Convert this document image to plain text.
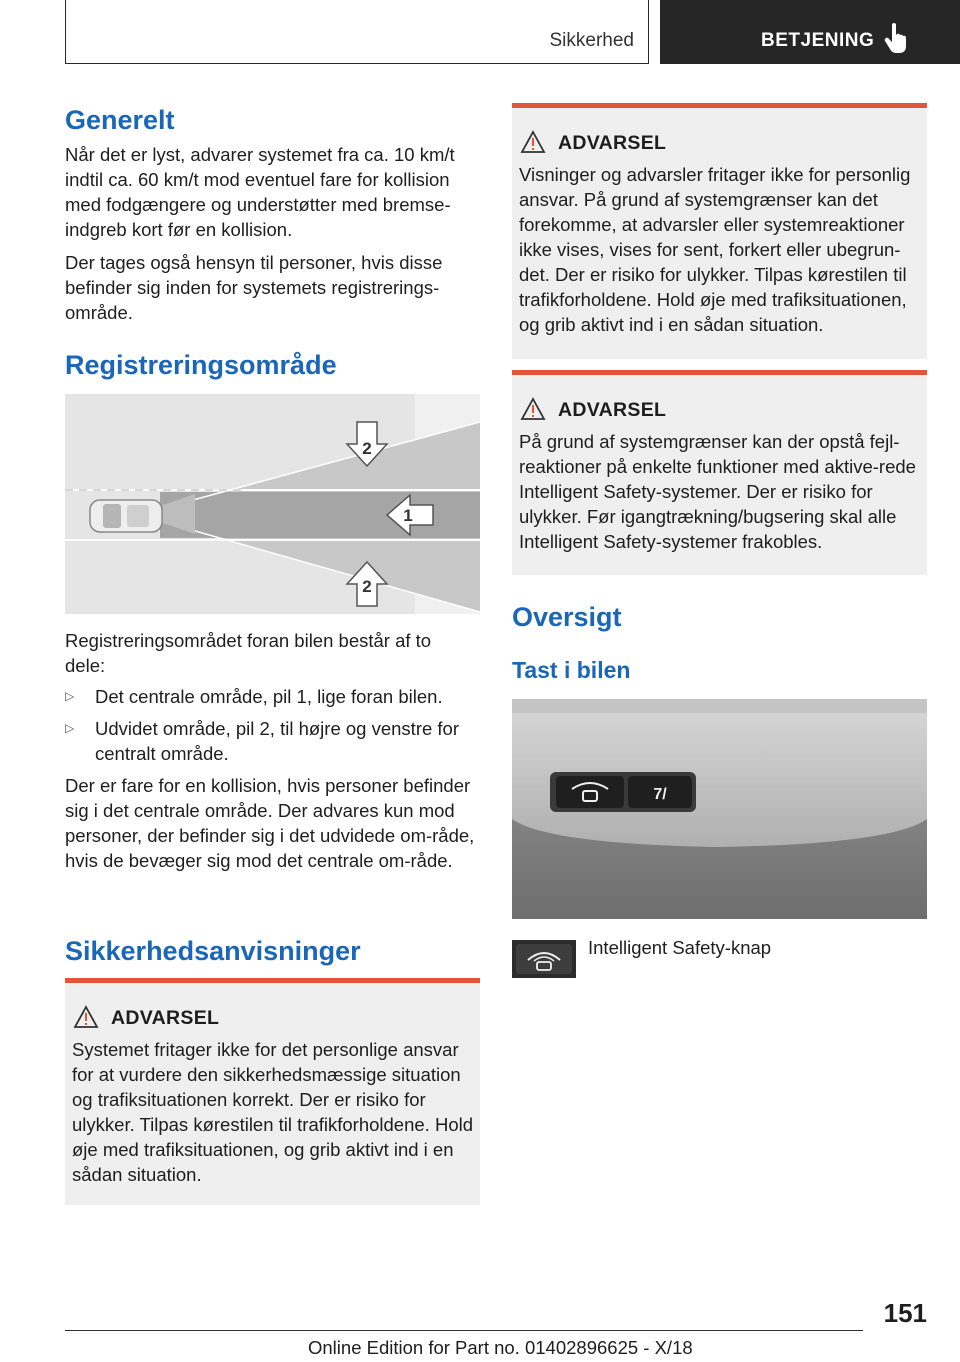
Sikkerhed	BETJENING
Generelt

Når det er lyst, advarer systemet fra ca. 10 km/t indtil ca. 60 km/t mod eventuel fare for kollision med fodgængere og understøtter med bremse-indgreb kort før en kollision.

Der tages også hensyn til personer, hvis disse befinder sig inden for systemets registrerings-område.

Registreringsområde
2
1
2

Registreringsområdet foran bilen består af to dele:

▷ Det centrale område, pil 1, lige foran bilen.
▷ Udvidet område, pil 2, til højre og venstre for centralt område.

Der er fare for en kollision, hvis personer befinder sig i det centrale område. Der advares kun mod personer, der befinder sig i det udvidede om-råde, hvis de bevæger sig mod det centrale om-råde.

Sikkerhedsanvisninger
ADVARSEL

Systemet fritager ikke for det personlige ansvar for at vurdere den sikkerhedsmæssige situation og trafiksituationen korrekt. Der er risiko for ulykker. Tilpas kørestilen til trafikforholdene. Hold øje med trafiksituationen, og grib aktivt ind i en sådan situation.

ADVARSEL

Visninger og advarsler fritager ikke for personlig ansvar. På grund af systemgrænser kan det forekomme, at advarsler eller systemreaktioner ikke vises, vises for sent, forkert eller ubegrun-det. Der er risiko for ulykker. Tilpas kørestilen til trafikforholdene. Hold øje med trafiksituationen, og grib aktivt ind i en sådan situation.

ADVARSEL

På grund af systemgrænser kan der opstå fejl-reaktioner på enkelte funktioner med aktive-rede Intelligent Safety-systemer. Der er risiko for ulykker. Før igangtrækning/bugsering skal alle Intelligent Safety-systemer frakobles.

Oversigt
Tast i bilen
7/
Intelligent Safety-knap
151
Online Edition for Part no. 01402896625 - X/18
